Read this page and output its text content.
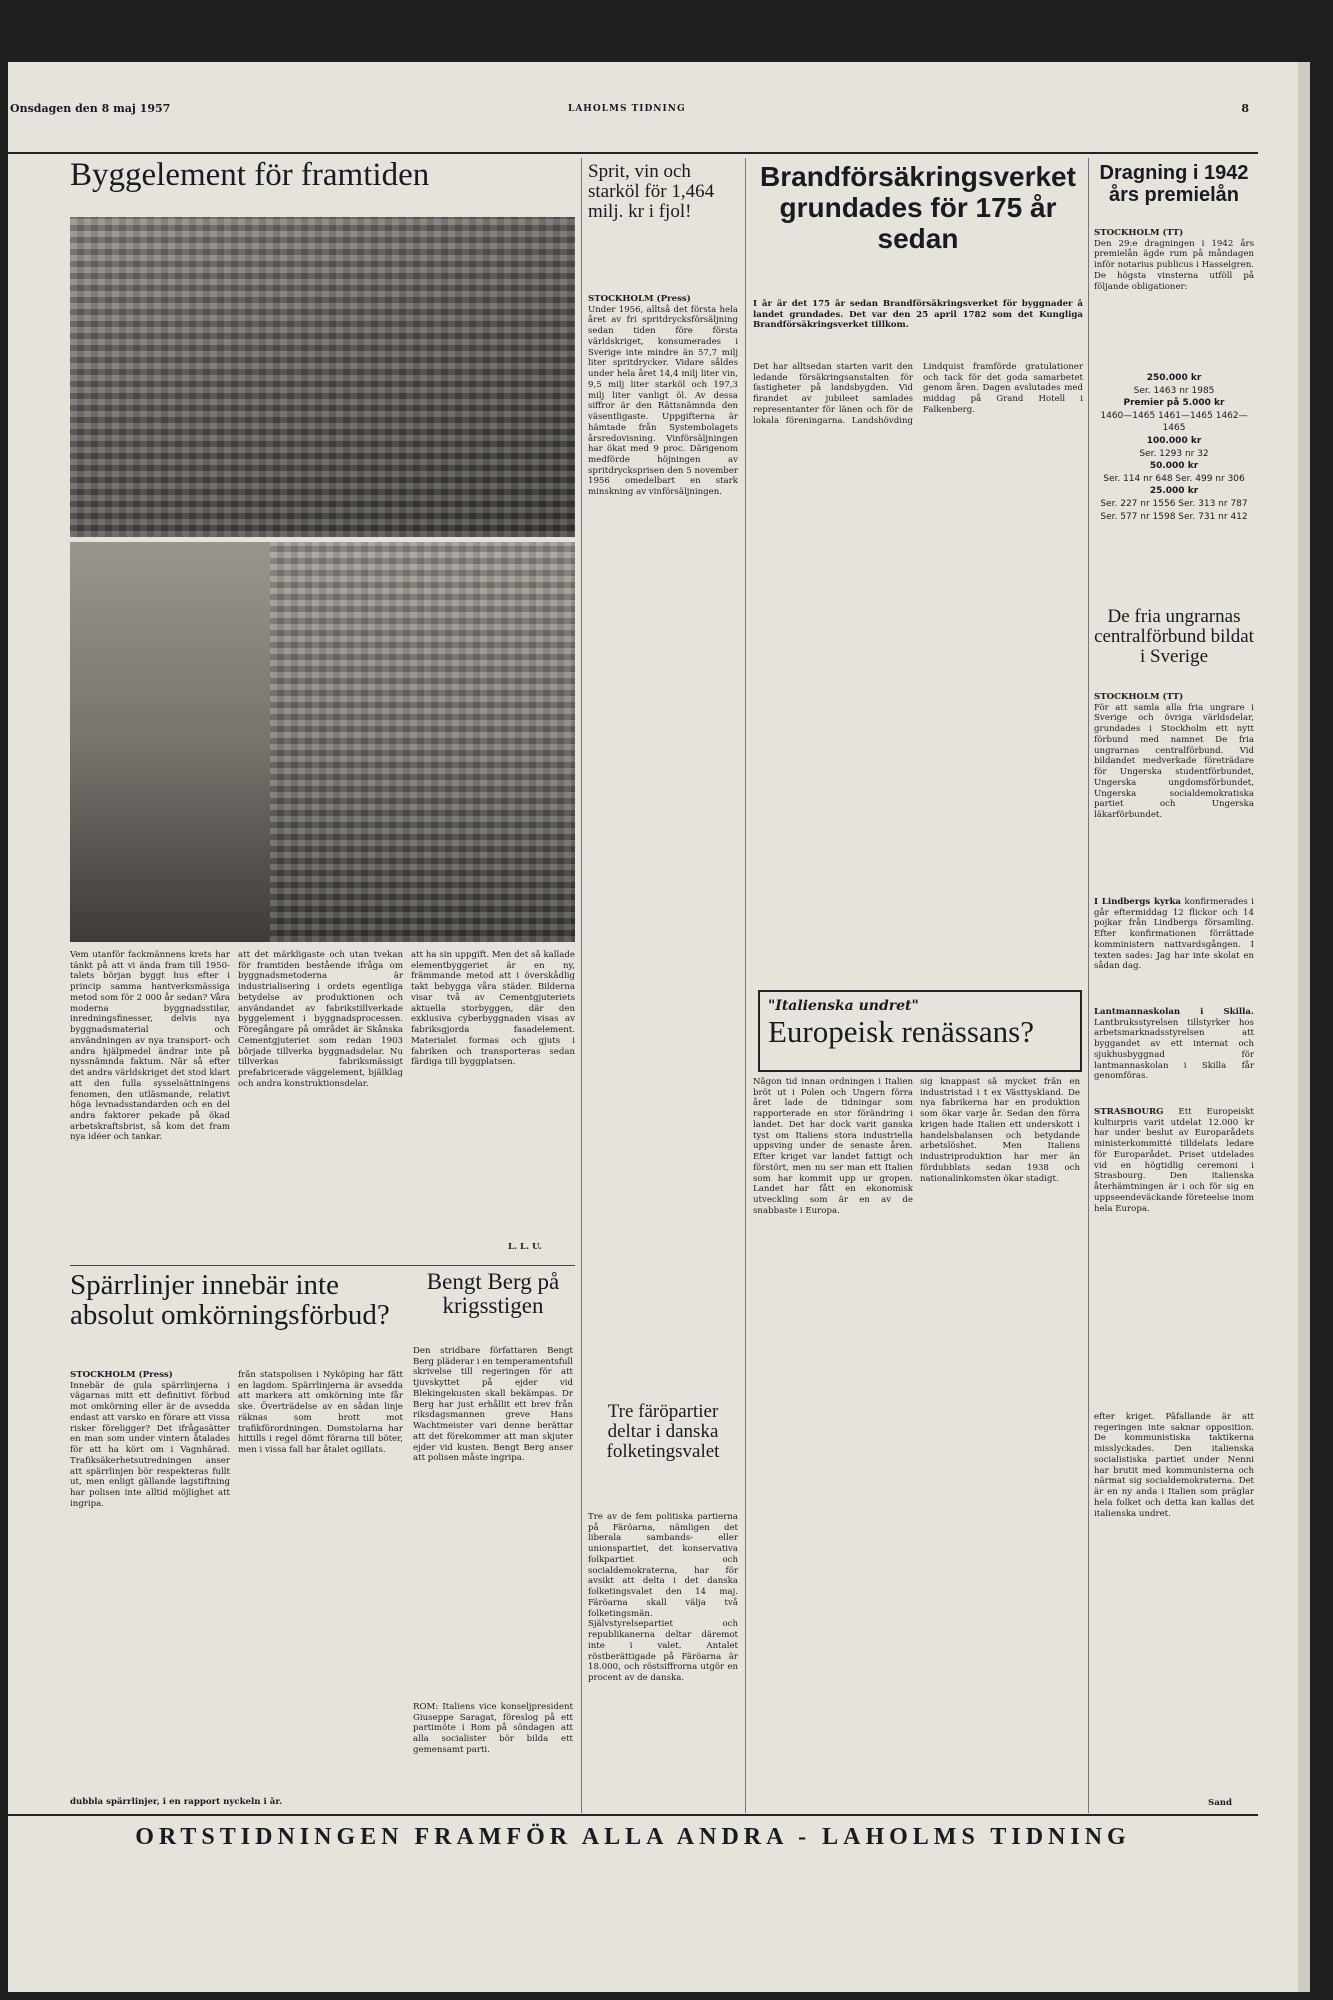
Onsdagen den 8 maj 1957	LAHOLMS TIDNING	8
Byggelement för framtiden
Vem utanför fackmännens krets har tänkt på att vi ända fram till 1950-talets början byggt hus efter i princip samma hantverksmässiga metod som för 2 000 år sedan? Våra moderna byggnadsstilar, inredningsfinesser, delvis nya byggnadsmaterial och användningen av nya transport- och andra hjälpmedel ändrar inte på nyssnämnda faktum. När så efter det andra världskriget det stod klart att den fulla sysselsättningens fenomen, den utläsmande, relativt höga levnadsstandarden och en del andra faktorer pekade på ökad arbetskraftsbrist, så kom det fram nya idéer och tankar.
att det märkligaste och utan tvekan för framtiden bestående ifråga om byggnadsmetoderna är industrialisering i ordets egentliga betydelse av produktionen och användandet av fabrikstillverkade byggelement i byggnadsprocessen. Föregångare på området är Skånska Cementgjuteriet som redan 1903 började tillverka byggnadsdelar. Nu tillverkas fabriksmässigt prefabricerade väggelement, bjälklag och andra konstruktionsdelar.
att ha sin uppgift. Men det så kallade elementbyggeriet är en ny, främmande metod att i överskådlig takt bebygga våra städer. Bilderna visar två av Cementgjuteriets aktuella storbyggen, där den exklusiva cyberbyggnaden visas av fabriksgjorda fasadelement. Materialet formas och gjuts i fabriken och transporteras sedan färdiga till byggplatsen.
L. L. U.
Spärrlinjer innebär inte absolut omkörningsförbud?
STOCKHOLM (Press)
Innebär de gula spärrlinjerna i vägarnas mitt ett definitivt förbud mot omkörning eller är de avsedda endast att varsko en förare att vissa risker föreligger? Det ifrågasätter en man som under vintern åtalades för att ha kört om i Vagnhärad. Trafiksäkerhetsutredningen anser att spärrlinjen bör respekteras fullt ut, men enligt gällande lagstiftning har polisen inte alltid möjlighet att ingripa.
från statspolisen i Nyköping har fått en lagdom. Spärrlinjerna är avsedda att markera att omkörning inte får ske. Överträdelse av en sådan linje räknas som brott mot trafikförordningen. Domstolarna har hittills i regel dömt förarna till böter, men i vissa fall har åtalet ogillats.
dubbla spärrlinjer, i en rapport nyckeln i år.
Bengt Berg på krigsstigen
Den stridbare författaren Bengt Berg pläderar i en temperamentsfull skrivelse till regeringen för att tjuvskyttet på ejder vid Blekingekusten skall bekämpas. Dr Berg har just erhållit ett brev från riksdagsmannen greve Hans Wachtmeister vari denne berättar att det förekommer att man skjuter ejder vid kusten. Bengt Berg anser att polisen måste ingripa.
ROM: Italiens vice konseljpresident Giuseppe Saragat, föreslog på ett partimöte i Rom på söndagen att alla socialister bör bilda ett gemensamt parti.
Sprit, vin och starköl för 1,464 milj. kr i fjol!
STOCKHOLM (Press)
Under 1956, alltså det första hela året av fri spritdrycksförsäljning sedan tiden före första världskriget, konsumerades i Sverige inte mindre än 57,7 milj liter spritdrycker. Vidare såldes under hela året 14,4 milj liter vin, 9,5 milj liter starköl och 197,3 milj liter vanligt öl. Av dessa siffror är den Rättsnämnda den väsentligaste. Uppgifterna är hämtade från Systembolagets årsredovisning. Vinförsäljningen har ökat med 9 proc. Därigenom medförde höjningen av spritdrycksprisen den 5 november 1956 omedelbart en stark minskning av vinförsäljningen.
Tre färöpartier deltar i danska folketingsvalet
Tre av de fem politiska partierna på Färöarna, nämligen det liberala sambands- eller unionspartiet, det konservativa folkpartiet och socialdemokraterna, har för avsikt att delta i det danska folketingsvalet den 14 maj. Färöarna skall välja två folketingsmän. Självstyrelsepartiet och republikanerna deltar däremot inte i valet. Antalet röstberättigade på Färöarna är 18.000, och röstsiffrorna utgör en procent av de danska.
Brandförsäkringsverket grundades för 175 år sedan
I år är det 175 år sedan Brandförsäkringsverket för byggnader å landet grundades. Det var den 25 april 1782 som det Kungliga Brandförsäkringsverket tillkom.
Det har alltsedan starten varit den ledande försäkringsanstalten för fastigheter på landsbygden. Vid firandet av jubileet samlades representanter för länen och för de lokala föreningarna. Landshövding Lindquist framförde gratulationer och tack för det goda samarbetet genom åren. Dagen avslutades med middag på Grand Hotell i Falkenberg.
"Italienska undret"
Europeisk renässans?
Någon tid innan ordningen i Italien bröt ut i Polen och Ungern förra året lade de tidningar som rapporterade en stor förändring i landet. Det har dock varit ganska tyst om Italiens stora industriella uppsving under de senaste åren. Efter kriget var landet fattigt och förstört, men nu ser man ett Italien som har kommit upp ur gropen. Landet har fått en ekonomisk utveckling som är en av de snabbaste i Europa.
sig knappast så mycket från en industristad i t ex Västtyskland. De nya fabrikerna har en produktion som ökar varje år. Sedan den förra krigen hade Italien ett underskott i handelsbalansen och betydande arbetslöshet. Men Italiens industriproduktion har mer än fördubblats sedan 1938 och nationalinkomsten ökar stadigt.
Dragning i 1942 års premielån
STOCKHOLM (TT)
Den 29:e dragningen i 1942 års premielån ägde rum på måndagen inför notarius publicus i Hasselgren. De högsta vinsterna utföll på följande obligationer:
250.000 kr
Ser. 1463 nr 1985
Premier på 5.000 kr
1460—1465 1461—1465 1462—1465
100.000 kr
Ser. 1293 nr 32
50.000 kr
Ser. 114 nr 648 Ser. 499 nr 306
25.000 kr
Ser. 227 nr 1556 Ser. 313 nr 787 Ser. 577 nr 1598 Ser. 731 nr 412
De fria ungrarnas centralförbund bildat i Sverige
STOCKHOLM (TT)
För att samla alla fria ungrare i Sverige och övriga världsdelar, grundades i Stockholm ett nytt förbund med namnet De fria ungrarnas centralförbund. Vid bildandet medverkade företrädare för Ungerska studentförbundet, Ungerska ungdomsförbundet, Ungerska socialdemokratiska partiet och Ungerska läkarförbundet.
I Lindbergs kyrka konfirmerades i går eftermiddag 12 flickor och 14 pojkar från Lindbergs församling. Efter konfirmationen förrättade komministern nattvardsgången. I texten sades: Jag har inte skolat en sådan dag.
Lantmannaskolan i Skilla. Lantbruksstyrelsen tillstyrker hos arbetsmarknadsstyrelsen att byggandet av ett internat och sjukhusbyggnad för lantmannaskolan i Skilla får genomföras.
STRASBOURG Ett Europeiskt kulturpris varit utdelat 12.000 kr har under beslut av Europarådets ministerkommitté tilldelats ledare för Europarådet. Priset utdelades vid en högtidlig ceremoni i Strasbourg. Den italienska återhämtningen är i och för sig en uppseendeväckande företeelse inom hela Europa.
efter kriget. Påfallande är att regeringen inte saknar opposition. De kommunistiska taktikerna misslyckades. Den italienska socialistiska partiet under Nenni har brutit med kommunisterna och närmat sig socialdemokraterna. Det är en ny anda i Italien som präglar hela folket och detta kan kallas det italienska undret.
Sand
ORTSTIDNINGEN FRAMFÖR ALLA ANDRA - LAHOLMS TIDNING
